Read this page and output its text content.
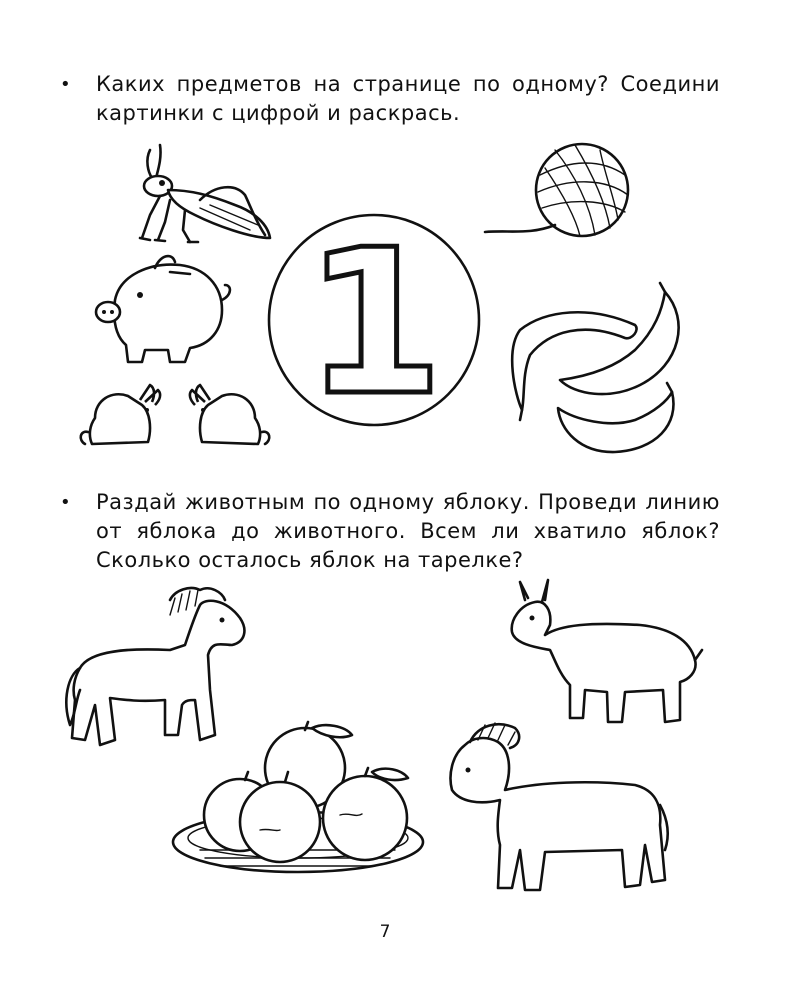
• Каких предметов на странице по одному? Соедини картинки с цифрой и раскрась.
• Раздай животным по одному яблоку. Проведи линию от яблока до животного. Всем ли хватило яблок? Сколько осталось яблок на тарелке?
1
7
